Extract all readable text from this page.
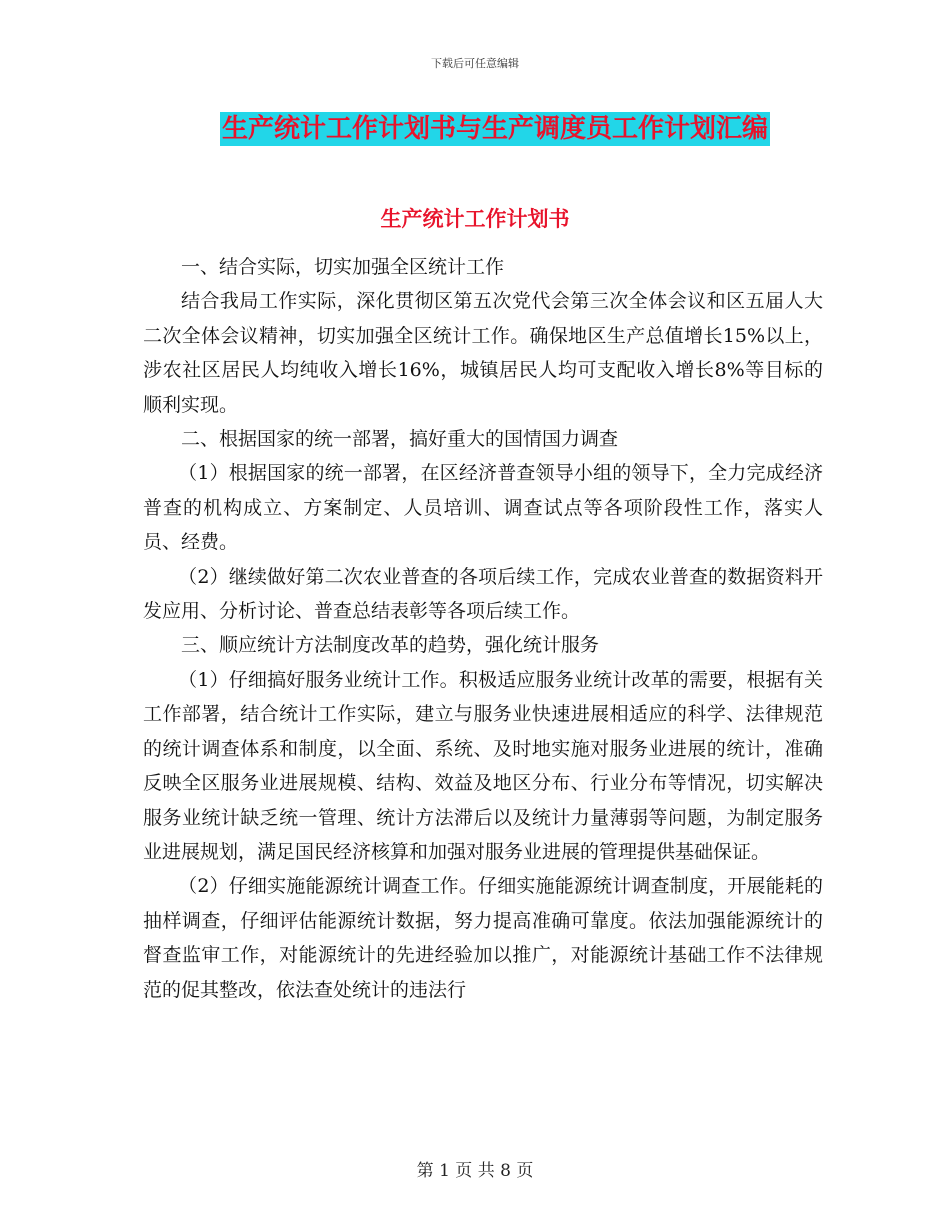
下载后可任意编辑
生产统计工作计划书与生产调度员工作计划汇编
生产统计工作计划书

一、结合实际，切实加强全区统计工作

结合我局工作实际，深化贯彻区第五次党代会第三次全体会议和区五届人大二次全体会议精神，切实加强全区统计工作。确保地区生产总值增长15%以上，涉农社区居民人均纯收入增长16%，城镇居民人均可支配收入增长8%等目标的顺利实现。

二、根据国家的统一部署，搞好重大的国情国力调查

（1）根据国家的统一部署，在区经济普查领导小组的领导下，全力完成经济普查的机构成立、方案制定、人员培训、调查试点等各项阶段性工作，落实人员、经费。

（2）继续做好第二次农业普查的各项后续工作，完成农业普查的数据资料开发应用、分析讨论、普查总结表彰等各项后续工作。

三、顺应统计方法制度改革的趋势，强化统计服务

（1）仔细搞好服务业统计工作。积极适应服务业统计改革的需要，根据有关工作部署，结合统计工作实际，建立与服务业快速进展相适应的科学、法律规范的统计调查体系和制度，以全面、系统、及时地实施对服务业进展的统计，准确反映全区服务业进展规模、结构、效益及地区分布、行业分布等情况，切实解决服务业统计缺乏统一管理、统计方法滞后以及统计力量薄弱等问题，为制定服务业进展规划，满足国民经济核算和加强对服务业进展的管理提供基础保证。

（2）仔细实施能源统计调查工作。仔细实施能源统计调查制度，开展能耗的抽样调查，仔细评估能源统计数据，努力提高准确可靠度。依法加强能源统计的督查监审工作，对能源统计的先进经验加以推广，对能源统计基础工作不法律规范的促其整改，依法查处统计的违法行

第 1 页 共 8 页
